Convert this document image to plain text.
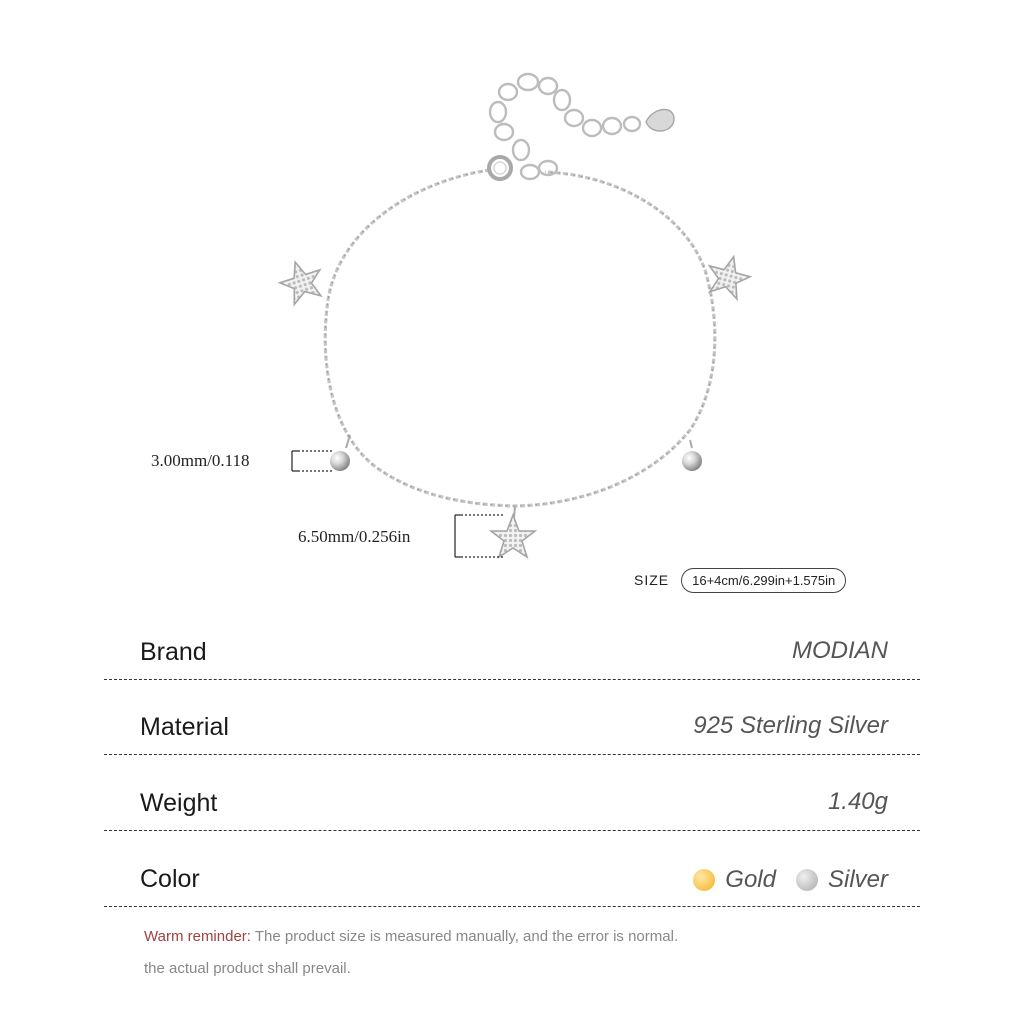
3.00mm/0.118
6.50mm/0.256in
SIZE	16+4cm/6.299in+1.575in
Brand	MODIAN
Material	925 Sterling Silver
Weight	1.40g
Color	Gold Silver
Warm reminder: The product size is measured manually, and the error is normal.
the actual product shall prevail.
